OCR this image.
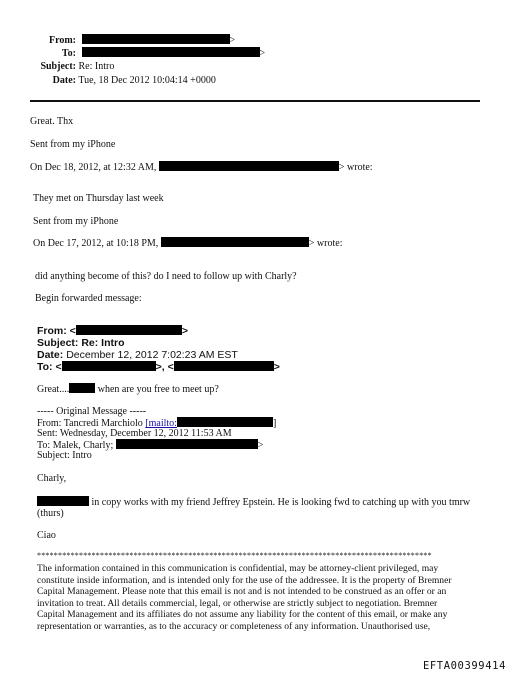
From:	>
To:	>
Subject: Re: Intro
Date: Tue, 18 Dec 2012 10:04:14 +0000
Great. Thx
Sent from my iPhone
On Dec 18, 2012, at 12:32 AM,	> wrote:
They met on Thursday last week
Sent from my iPhone
On Dec 17, 2012, at 10:18 PM,	> wrote:
did anything become of this? do I need to follow up with Charly?
Begin forwarded message:
From: <	>
Subject: Re: Intro
Date: December 12, 2012 7:02:23 AM EST
To: <	>, <	>
Great....	when are you free to meet up?
----- Original Message -----
From: Tancredi Marchiolo [mailto:	]
Sent: Wednesday, December 12, 2012 11:53 AM
To: Malek, Charly;	>
Subject: Intro
Charly,
in copy works with my friend Jeffrey Epstein. He is looking fwd to catching up with you tmrw
(thurs)
Ciao
**********************************************************************************************
The information contained in this communication is confidential, may be attorney-client privileged, may constitute inside information, and is intended only for the use of the addressee. It is the property of Bremner Capital Management. Please note that this email is not and is not intended to be construed as an offer or an invitation to treat. All details commercial, legal, or otherwise are strictly subject to negotiation. Bremner Capital Management and its affiliates do not assume any liability for the content of this email, or make any representation or warranties, as to the accuracy or completeness of any information. Unauthorised use,
EFTA00399414
